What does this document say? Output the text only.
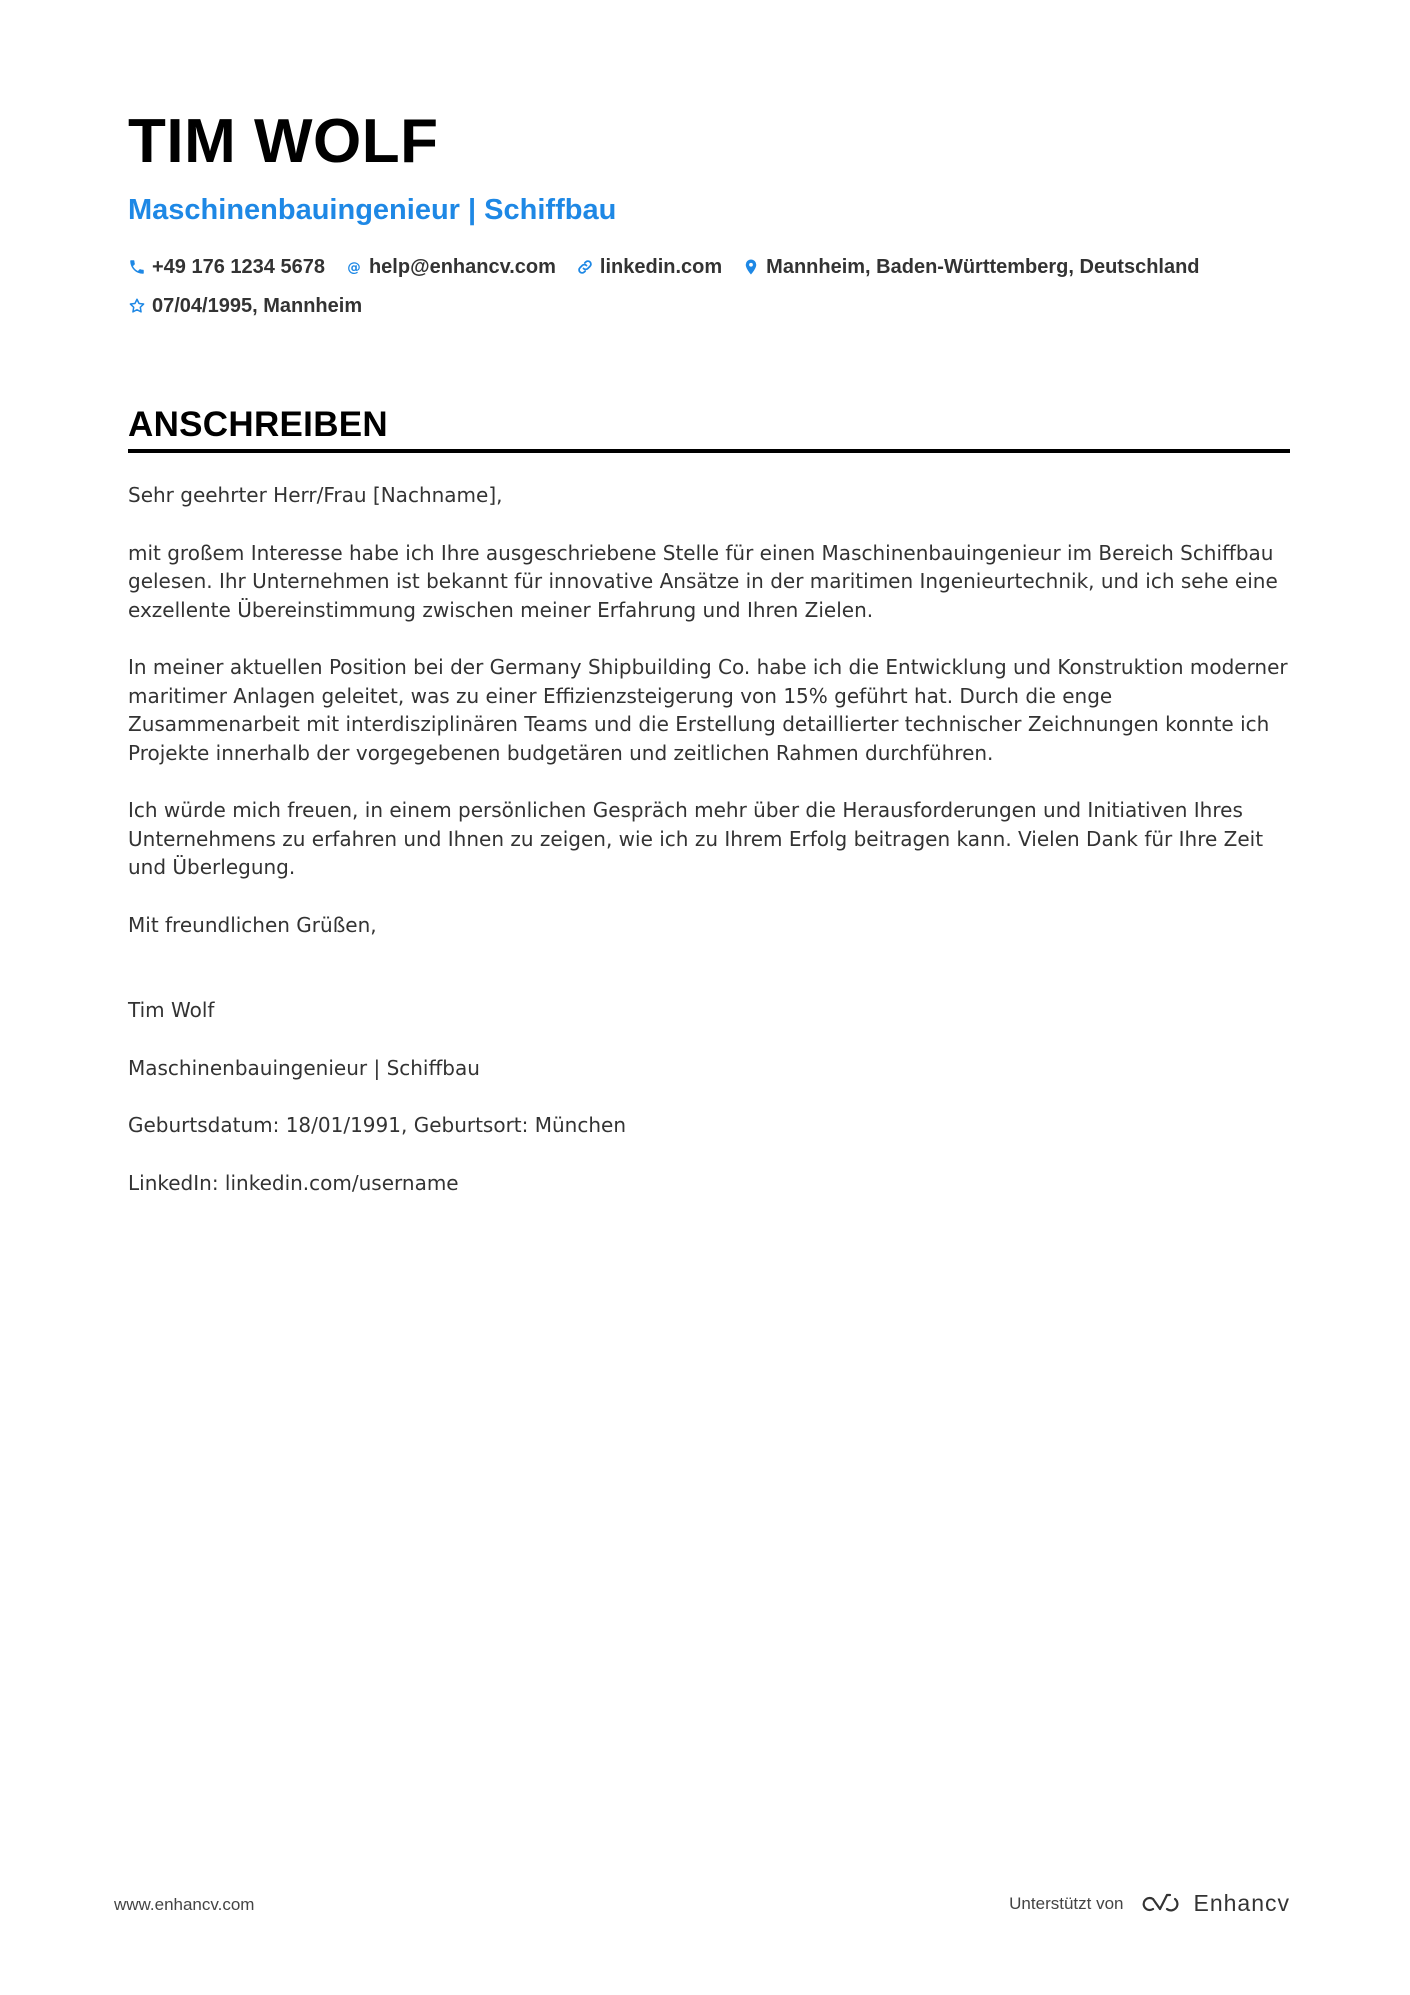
TIM WOLF
Maschinenbauingenieur | Schiffbau
+49 176 1234 5678 @ help@enhancv.com linkedin.com Mannheim, Baden-Württemberg, Deutschland
07/04/1995, Mannheim
ANSCHREIBEN

Sehr geehrter Herr/Frau [Nachname],

mit großem Interesse habe ich Ihre ausgeschriebene Stelle für einen Maschinenbauingenieur im Bereich Schiffbau gelesen. Ihr Unternehmen ist bekannt für innovative Ansätze in der maritimen Ingenieurtechnik, und ich sehe eine exzellente Übereinstimmung zwischen meiner Erfahrung und Ihren Zielen.

In meiner aktuellen Position bei der Germany Shipbuilding Co. habe ich die Entwicklung und Konstruktion moderner maritimer Anlagen geleitet, was zu einer Effizienzsteigerung von 15% geführt hat. Durch die enge Zusammenarbeit mit interdisziplinären Teams und die Erstellung detaillierter technischer Zeichnungen konnte ich Projekte innerhalb der vorgegebenen budgetären und zeitlichen Rahmen durchführen.

Ich würde mich freuen, in einem persönlichen Gespräch mehr über die Herausforderungen und Initiativen Ihres Unternehmens zu erfahren und Ihnen zu zeigen, wie ich zu Ihrem Erfolg beitragen kann. Vielen Dank für Ihre Zeit und Überlegung.

Mit freundlichen Grüßen,

Tim Wolf

Maschinenbauingenieur | Schiffbau

Geburtsdatum: 18/01/1991, Geburtsort: München

LinkedIn: linkedin.com/username

www.enhancv.com	Unterstützt von	Enhancv
